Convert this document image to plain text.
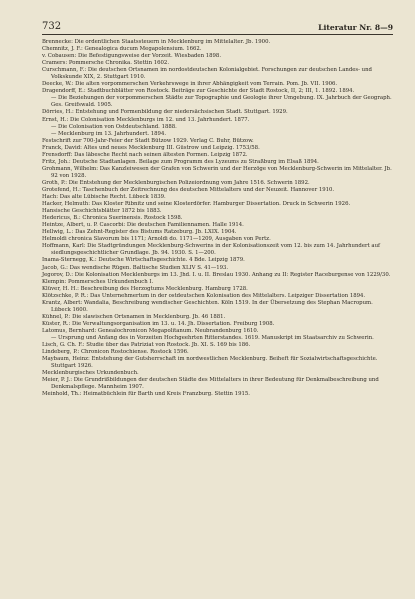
732	Literatur Nr. 8—9

Brennecke: Die ordentlichen Staatssteuern in Mecklenburg im Mittelalter. Jb. 1900.

Chemnitz, J. F.: Genealogica ducum Megapolensium. 1662.

v. Cobausen: Die Befestigungsweise der Vorzeit. Wiesbaden 1898.

Cramers: Pommersche Chronika. Stettin 1602.

Curschmann, F.: Die deutschen Ortsnamen im nordostdeutschen Kolonialgebiet. Forschungen zur deutschen Landes- und Volkskunde XIX, 2. Stuttgart 1910.

Deecke, W.: Die alten vorpommerschen Verkehrswege in ihrer Abhängigkeit vom Terrain. Pom. Jb. VII. 1906.

Dragendorff, E.: Stadtbuchblätter von Rostock. Beiträge zur Geschichte der Stadt Rostock, II, 2; III, 1. 1892. 1894.

— Die Beziehungen der vorpommerschen Städte zur Topographie und Geologie ihrer Umgebung. IX. Jahrbuch der Geograph. Ges. Greifswald. 1905.

Dörries, H.: Entstehung und Formenbildung der niedersächsischen Stadt. Stuttgart. 1929.

Ernst, H.: Die Colonisation Mecklenburgs im 12. und 13. Jahrhundert. 1877.

— Die Colonisation von Ostdeutschland. 1888.

— Mecklenburg im 13. Jahrhundert. 1894.

Festschrift zur 700-Jahr-Feier der Stadt Bützow 1929. Verlag C. Buhr, Bützow.

Franck, David: Altes und neues Mecklenburg III. Güstrow und Leipzig. 1753/58.

Frensdorff: Das läbesche Recht nach seinen ältesten Formen. Leipzig 1872.

Fritz, Joh.: Deutsche Stadtanlagen. Beilage zum Programm des Lyzeums zu Straßburg im Elsaß 1894.

Grohmann, Wilhelm: Das Kanzleiwesen der Grafen von Schwerin und der Herzöge von Mecklenburg-Schwerin im Mittelalter. Jb. 92 von 1928.

Groth, P.: Die Entstehung der Mecklenburgischen Polizeiordnung vom Jahre 1516. Schwerin 1892.

Grotefend, H.: Taschenbuch der Zeitrechnung des deutschen Mittelalters und der Neuzeit. Hannover 1910.

Hach: Das alte Lübische Recht. Lübeck 1839.

Hacker, Helmuth: Das Kloster Ribnitz und seine Klosterdörfer. Hamburger Dissertation. Druck in Schwerin 1926.

Hansische Geschichtsblätter 1872 bis 1883.

Hedericus, B.: Chronica Suerinensis. Rostock 1598.

Heintze, Albert, u. P. Cascorbi: Die deutschen Familiennamen. Halle 1914.

Hellwig, L.: Das Zehnt-Register des Bistums Ratzeburg. Jb. LXIX. 1904.

Helmoldi chronica Slavorum bis 1171; Arnoldi do. 1171—1209, Ausgaben von Pertz.

Hoffmann, Karl: Die Stadtgründungen Mecklenburg-Schwerins in der Kolonisationszeit vom 12. bis zum 14. Jahrhundert auf siedlungsgeschichtlicher Grundlage. Jb. 94. 1930. S. 1—200.

Inama-Sternegg, K.: Deutsche Wirtschaftsgeschichte. 4 Bde. Leipzig 1879.

Jacob, G.: Das wendische Rügen. Baltische Studien XLIV S. 41—193.

Jegorov, D.: Die Kolonisation Mecklenburgs im 13. Jhd. I. u. II. Breslau 1930. Anhang zu II: Register Raceburgense von 1229/30.

Klempin: Pommersches Urkundenbuch I.

Klüver, H. H.: Beschreibung des Herzogtums Mecklenburg. Hamburg 1728.

Klötzschke, P. R.: Das Unternehmertum in der ostdeutschen Kolonisation des Mittelalters. Leipziger Dissertation 1894.

Krantz, Albert: Wandalia, Beschreibung wendischer Geschichten. Köln 1519. In der Übersetzung des Stephan Macropum. Lübeck 1600.

Kühnel, P.: Die slawischen Ortsnamen in Mecklenburg. Jb. 46 1881.

Küster, R.: Die Verwaltungsorganisation im 13. u. 14. Jh. Dissertation. Freiburg 1908.

Latomus, Bernhard: Genealochronicon Megapolitanum. Neubrandenburg 1610.

— Ursprung und Anfang des in Vorzeiten Hochgeehrten Ritterstandes. 1619. Manuskript im Staatsarchiv zu Schwerin.

Lisch, G. Ch. F.: Studie über das Patriziat von Rostock. Jb. XI. S. 169 bis 186.

Lindeberg, P.: Chronicon Rostochiense. Rostock 1596.

Maybaum, Heinz: Entstehung der Gutsherrschaft im nordwestlichen Mecklenburg. Beiheft für Sozialwirtschaftsgeschichte. Stuttgart 1926.

Mecklenburgisches Urkundenbuch.

Meier, P. J.: Die Grundrißbildungen der deutschen Städte des Mittelalters in ihrer Bedeutung für Denkmalbeschreibung und Denkmalspflege. Mannheim 1907.

Meinhold, Th.: Heimatbüchlein für Barth und Kreis Franzburg. Stettin 1915.
